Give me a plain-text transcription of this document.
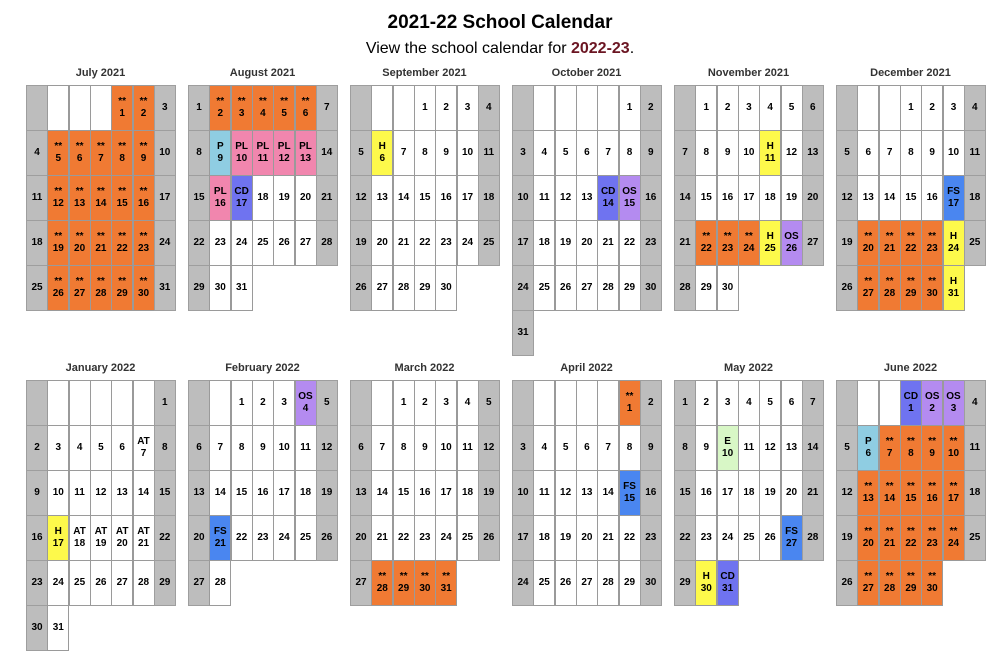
2021-22 School Calendar
View the school calendar for 2022-23.
July 2021
**
1
**
2
3
4
**
5
**
6
**
7
**
8
**
9
10
11
**
12
**
13
**
14
**
15
**
16
17
18
**
19
**
20
**
21
**
22
**
23
24
25
**
26
**
27
**
28
**
29
**
30
31
August 2021
1
**
2
**
3
**
4
**
5
**
6
7
8
P
9
PL
10
PL
11
PL
12
PL
13
14
15
PL
16
CD
17
18 19 20 21
22 23 24 25 26 27 28
29 30 31
September 2021
1 2 3 4
5
H
6
7 8 9 10 11
12 13 14 15 16 17 18
19 20 21 22 23 24 25
26 27 28 29 30
October 2021
1 2
3 4 5 6 7 8 9
10 11 12 13
CD
14
OS
15
16
17 18 19 20 21 22 23
24 25 26 27 28 29 30
31
November 2021
1 2 3 4 5 6
7 8 9 10
H
11
12 13
14 15 16 17 18 19 20
21
**
22
**
23
**
24
H
25
OS
26
27
28 29 30
December 2021
1 2 3 4
5 6 7 8 9 10 11
12 13 14 15 16
FS
17
18
19
**
20
**
21
**
22
**
23
H
24
25
26
**
27
**
28
**
29
**
30
H
31
January 2022
1
2 3 4 5 6
AT
7
8
9 10 11 12 13 14 15
16
H
17
AT
18
AT
19
AT
20
AT
21
22
23 24 25 26 27 28 29
30 31
February 2022
1 2 3
OS
4
5
6 7 8 9 10 11 12
13 14 15 16 17 18 19
20
FS
21
22 23 24 25 26
27 28
March 2022
1 2 3 4 5
6 7 8 9 10 11 12
13 14 15 16 17 18 19
20 21 22 23 24 25 26
27
**
28
**
29
**
30
**
31
April 2022
**
1
2
3 4 5 6 7 8 9
10 11 12 13 14
FS
15
16
17 18 19 20 21 22 23
24 25 26 27 28 29 30
May 2022
1 2 3 4 5 6 7
8 9
E
10
11 12 13 14
15 16 17 18 19 20 21
22 23 24 25 26
FS
27
28
29
H
30
CD
31
June 2022
CD
1
OS
2
OS
3
4
5
P
6
**
7
**
8
**
9
**
10
11
12
**
13
**
14
**
15
**
16
**
17
18
19
**
20
**
21
**
22
**
23
**
24
25
26
**
27
**
28
**
29
**
30
